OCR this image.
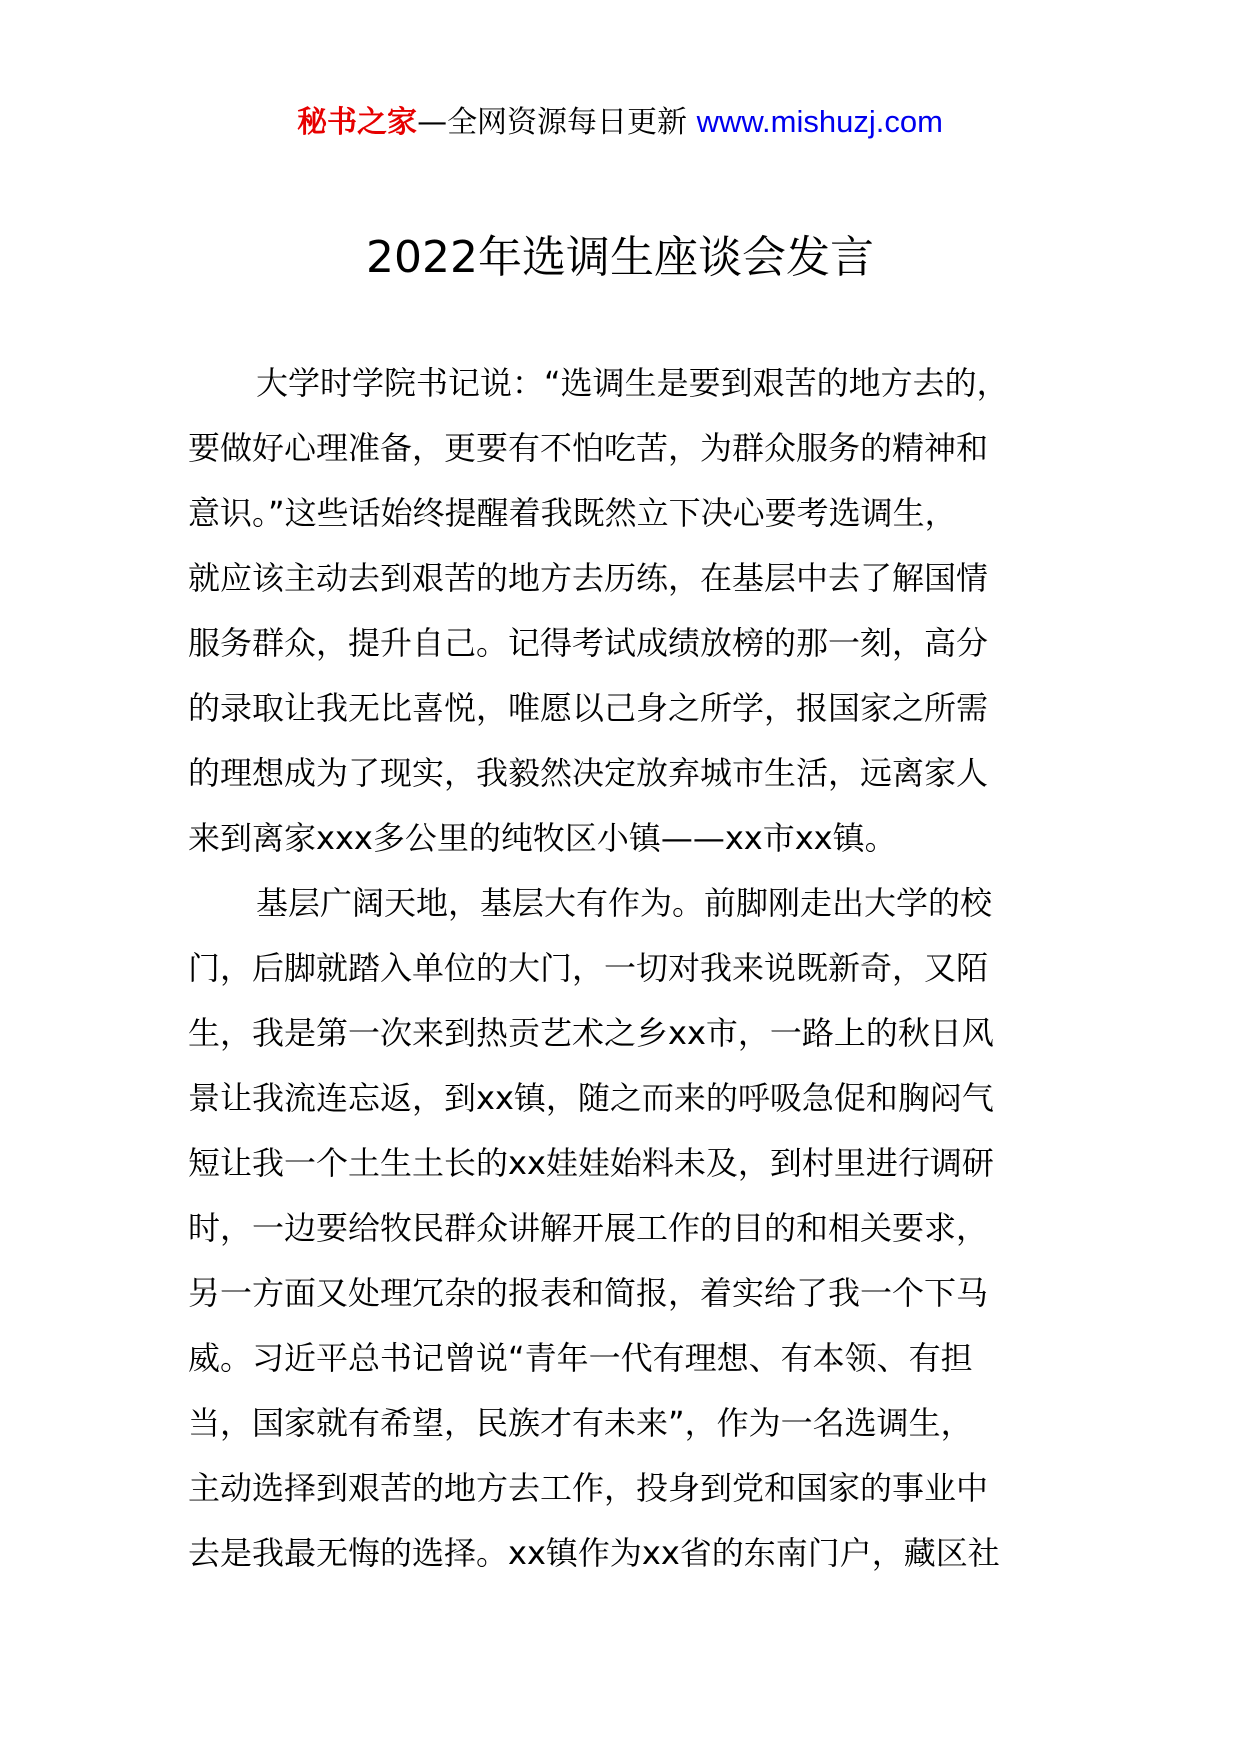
秘书之家—全网资源每日更新 www.mishuzj.com
2022年选调生座谈会发言
大学时学院书记说：“选调生是要到艰苦的地方去的，
要做好心理准备，更要有不怕吃苦，为群众服务的精神和
意识。”这些话始终提醒着我既然立下决心要考选调生，
就应该主动去到艰苦的地方去历练，在基层中去了解国情
服务群众，提升自己。记得考试成绩放榜的那一刻，高分
的录取让我无比喜悦，唯愿以己身之所学，报国家之所需
的理想成为了现实，我毅然决定放弃城市生活，远离家人
来到离家xxx多公里的纯牧区小镇——xx市xx镇。
基层广阔天地，基层大有作为。前脚刚走出大学的校
门，后脚就踏入单位的大门，一切对我来说既新奇，又陌
生，我是第一次来到热贡艺术之乡xx市，一路上的秋日风
景让我流连忘返，到xx镇，随之而来的呼吸急促和胸闷气
短让我一个土生土长的xx娃娃始料未及，到村里进行调研
时，一边要给牧民群众讲解开展工作的目的和相关要求，
另一方面又处理冗杂的报表和简报，着实给了我一个下马
威。习近平总书记曾说“青年一代有理想、有本领、有担
当，国家就有希望，民族才有未来”，作为一名选调生，
主动选择到艰苦的地方去工作，投身到党和国家的事业中
去是我最无悔的选择。xx镇作为xx省的东南门户，藏区社
